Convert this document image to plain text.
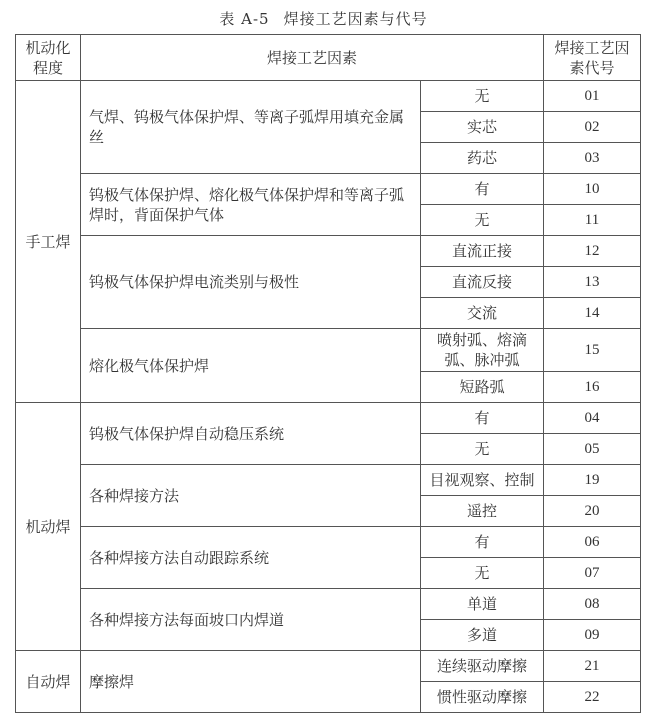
表 A-5 焊接工艺因素与代号
机动化程度	焊接工艺因素		焊接工艺因素代号
手工焊	气焊、钨极气体保护焊、等离子弧焊用填充金属丝	无	01
		实芯	02
		药芯	03
	钨极气体保护焊、熔化极气体保护焊和等离子弧焊时，背面保护气体	有	10
		无	11
	钨极气体保护焊电流类别与极性	直流正接	12
		直流反接	13
		交流	14
	熔化极气体保护焊	喷射弧、熔滴弧、脉冲弧	15
		短路弧	16
机动焊	钨极气体保护焊自动稳压系统	有	04
		无	05
	各种焊接方法	目视观察、控制	19
		遥控	20
	各种焊接方法自动跟踪系统	有	06
		无	07
	各种焊接方法每面坡口内焊道	单道	08
		多道	09
自动焊	摩擦焊	连续驱动摩擦	21
		惯性驱动摩擦	22
